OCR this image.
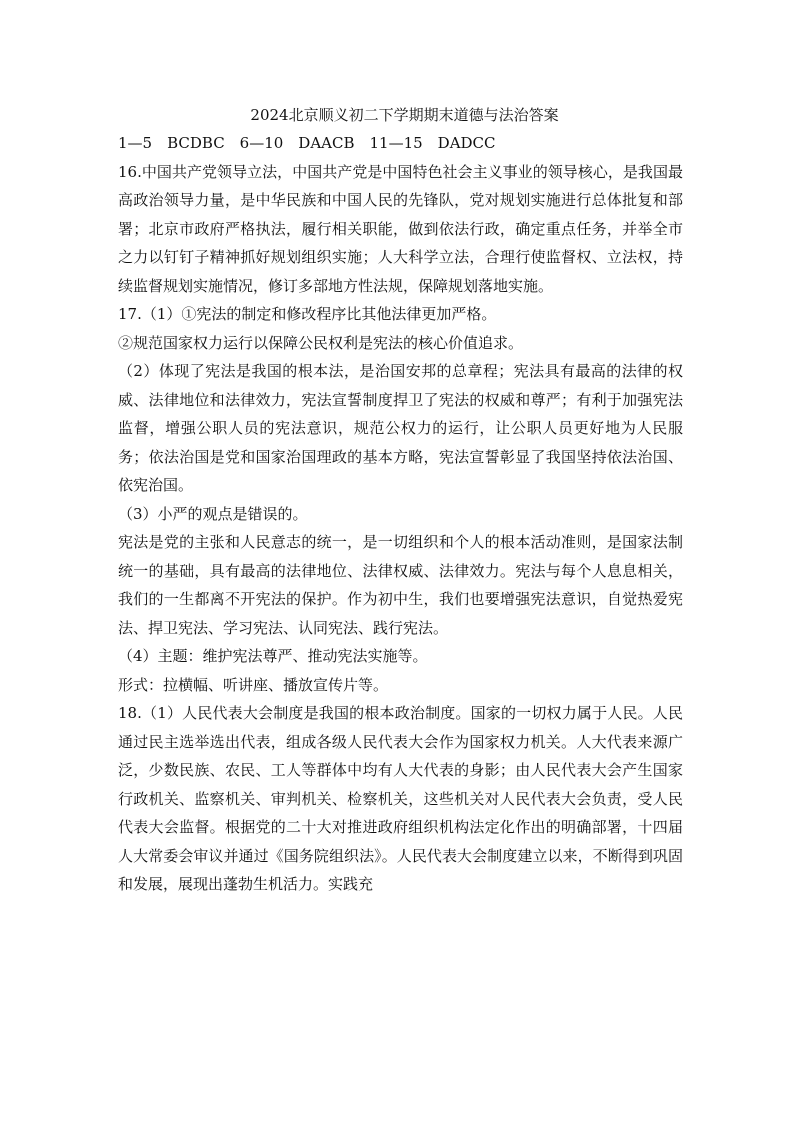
2024北京顺义初二下学期期末道德与法治答案

1—5　BCDBC　6—10　DAACB　11—15　DADCC

16.中国共产党领导立法，中国共产党是中国特色社会主义事业的领导核心，是我国最高政治领导力量，是中华民族和中国人民的先锋队，党对规划实施进行总体批复和部署；北京市政府严格执法，履行相关职能，做到依法行政，确定重点任务，并举全市之力以钉钉子精神抓好规划组织实施；人大科学立法，合理行使监督权、立法权，持续监督规划实施情况，修订多部地方性法规，保障规划落地实施。

17.（1）①宪法的制定和修改程序比其他法律更加严格。

②规范国家权力运行以保障公民权利是宪法的核心价值追求。

（2）体现了宪法是我国的根本法，是治国安邦的总章程；宪法具有最高的法律的权威、法律地位和法律效力，宪法宣誓制度捍卫了宪法的权威和尊严；有利于加强宪法监督，增强公职人员的宪法意识，规范公权力的运行，让公职人员更好地为人民服务；依法治国是党和国家治国理政的基本方略，宪法宣誓彰显了我国坚持依法治国、依宪治国。

（3）小严的观点是错误的。

宪法是党的主张和人民意志的统一，是一切组织和个人的根本活动准则，是国家法制统一的基础，具有最高的法律地位、法律权威、法律效力。宪法与每个人息息相关，我们的一生都离不开宪法的保护。作为初中生，我们也要增强宪法意识，自觉热爱宪法、捍卫宪法、学习宪法、认同宪法、践行宪法。

（4）主题：维护宪法尊严、推动宪法实施等。

形式：拉横幅、听讲座、播放宣传片等。

18.（1）人民代表大会制度是我国的根本政治制度。国家的一切权力属于人民。人民通过民主选举选出代表，组成各级人民代表大会作为国家权力机关。人大代表来源广泛，少数民族、农民、工人等群体中均有人大代表的身影；由人民代表大会产生国家行政机关、监察机关、审判机关、检察机关，这些机关对人民代表大会负责，受人民代表大会监督。根据党的二十大对推进政府组织机构法定化作出的明确部署，十四届人大常委会审议并通过《国务院组织法》。人民代表大会制度建立以来，不断得到巩固和发展，展现出蓬勃生机活力。实践充
